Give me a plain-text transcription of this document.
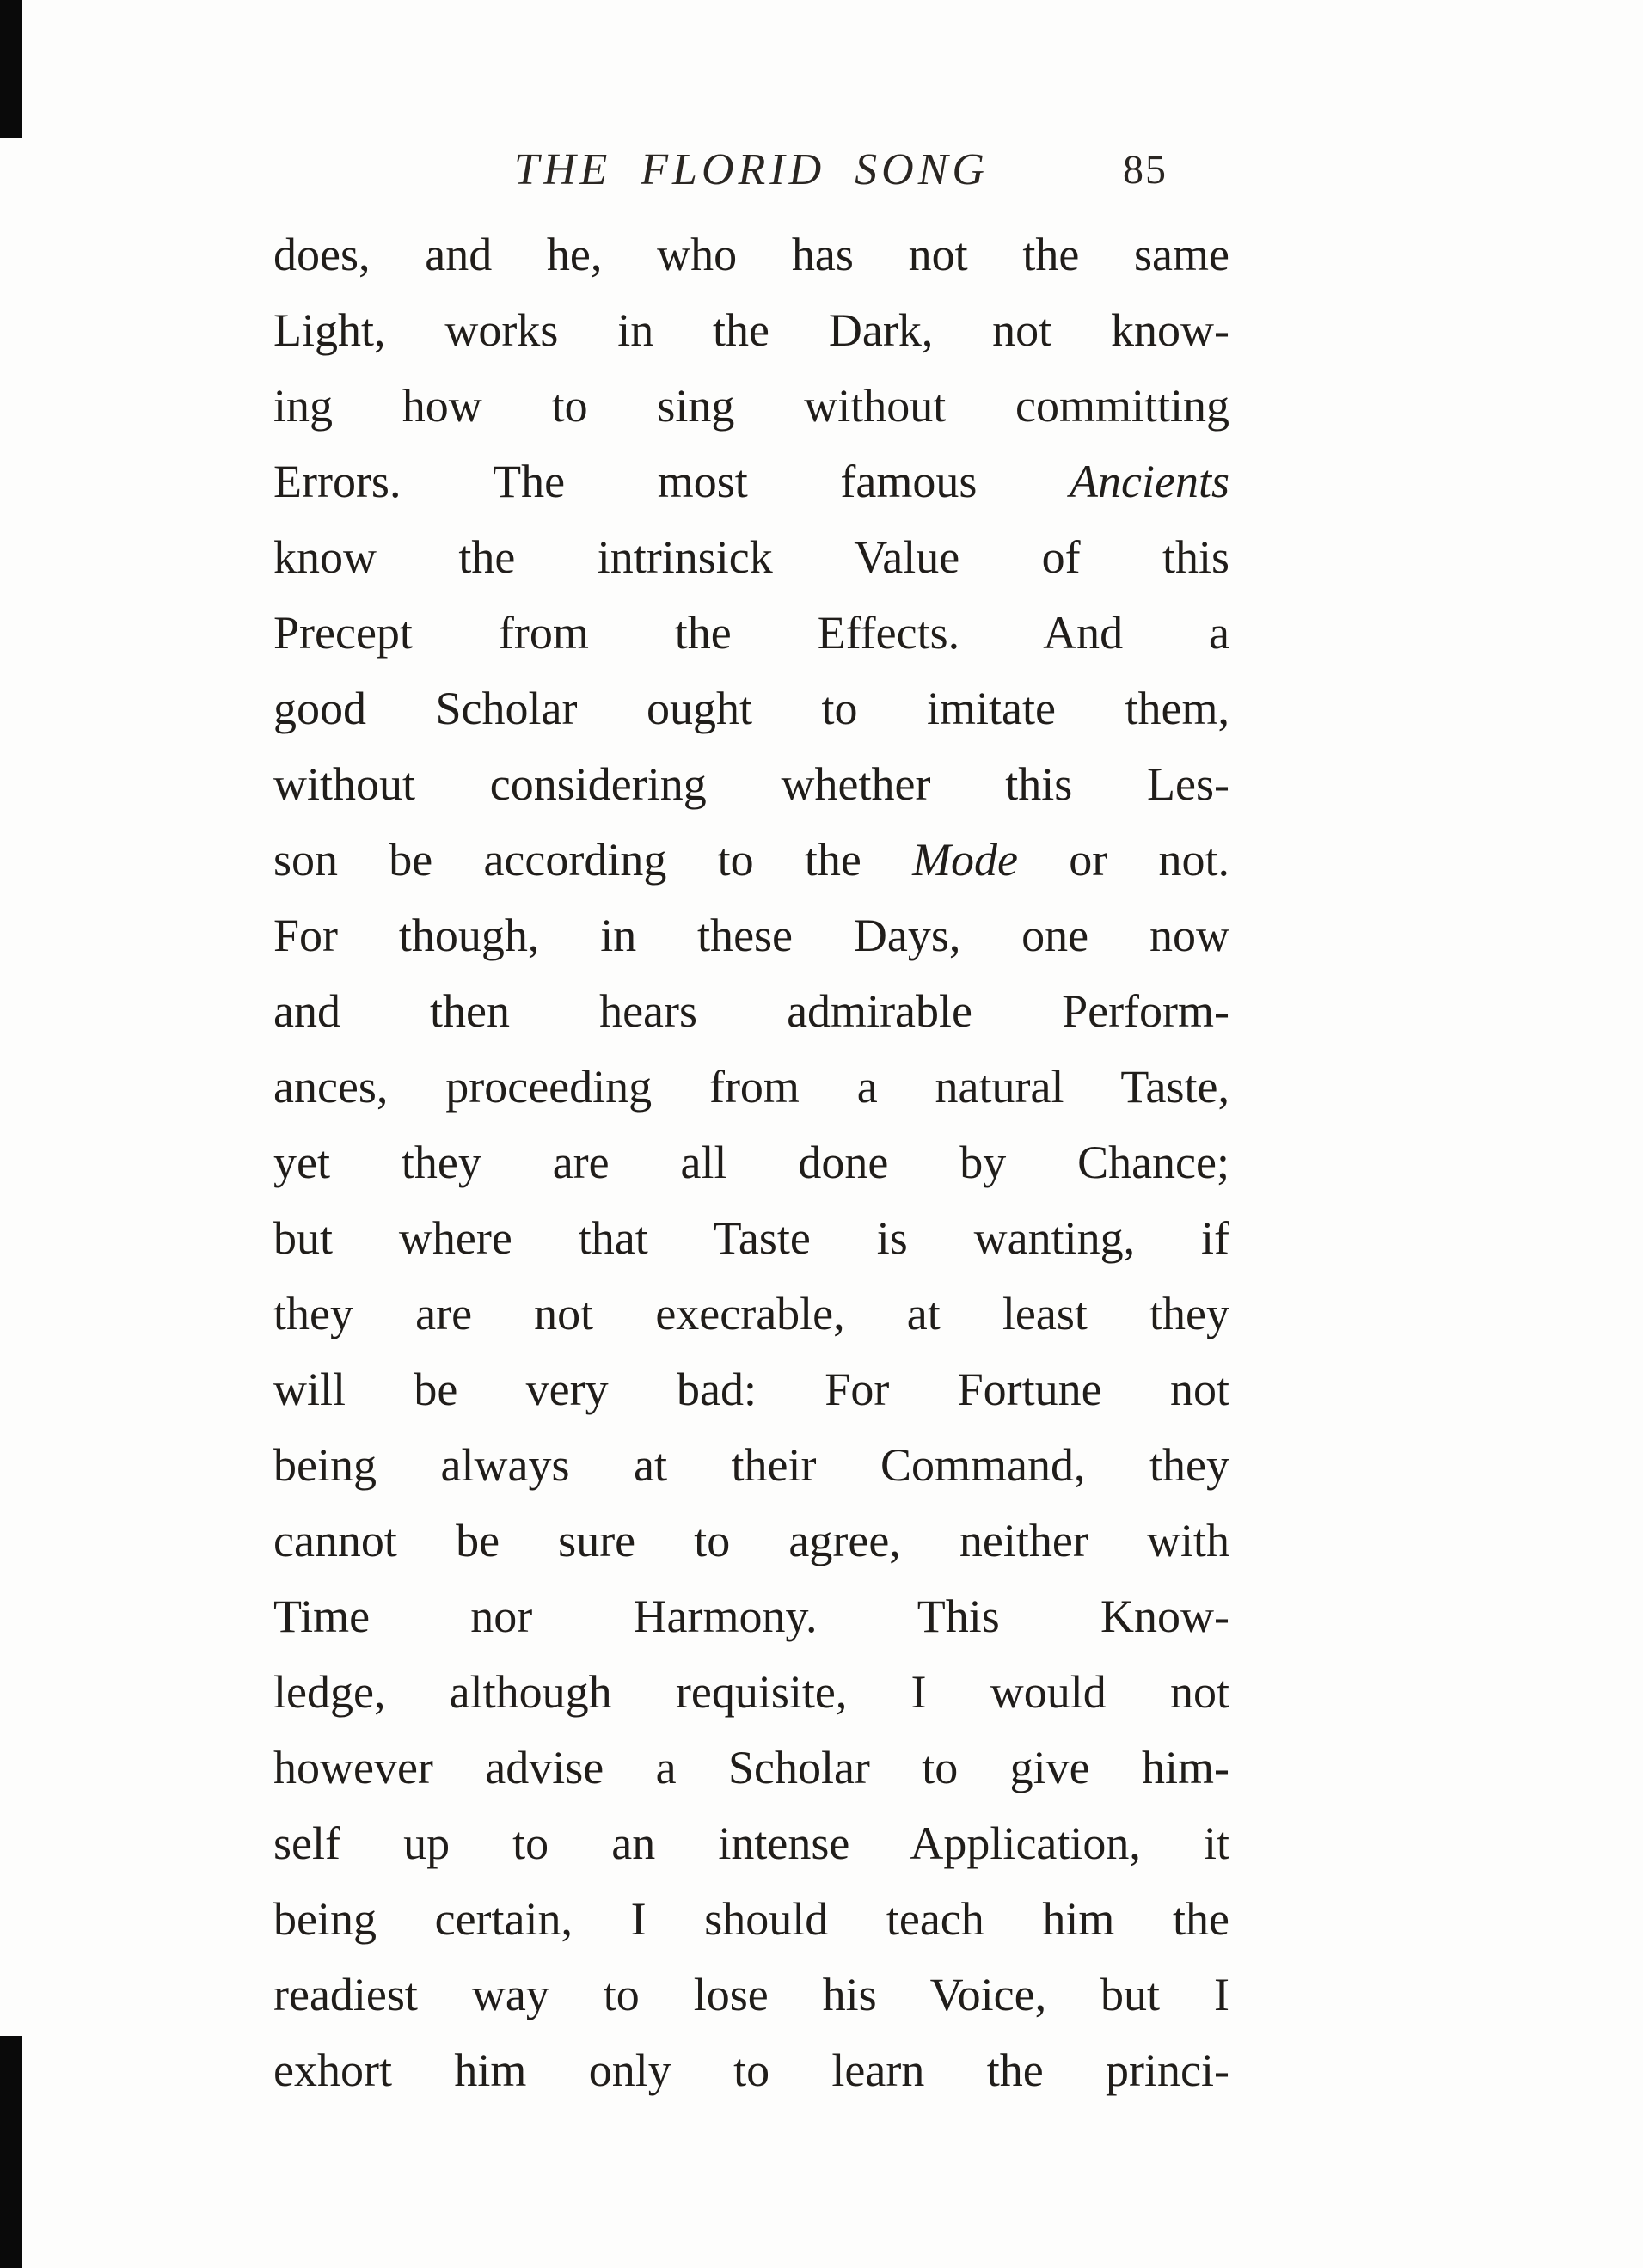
THE FLORID SONG	85
does, and he, who has not the same
Light, works in the Dark, not know-
ing how to sing without committing
Errors. The most famous Ancients
know the intrinsick Value of this
Precept from the Effects. And a
good Scholar ought to imitate them,
without considering whether this Les-
son be according to the Mode or not.
For though, in these Days, one now
and then hears admirable Perform-
ances, proceeding from a natural Taste,
yet they are all done by Chance;
but where that Taste is wanting, if
they are not execrable, at least they
will be very bad: For Fortune not
being always at their Command, they
cannot be sure to agree, neither with
Time nor Harmony. This Know-
ledge, although requisite, I would not
however advise a Scholar to give him-
self up to an intense Application, it
being certain, I should teach him the
readiest way to lose his Voice, but I
exhort him only to learn the princi-
